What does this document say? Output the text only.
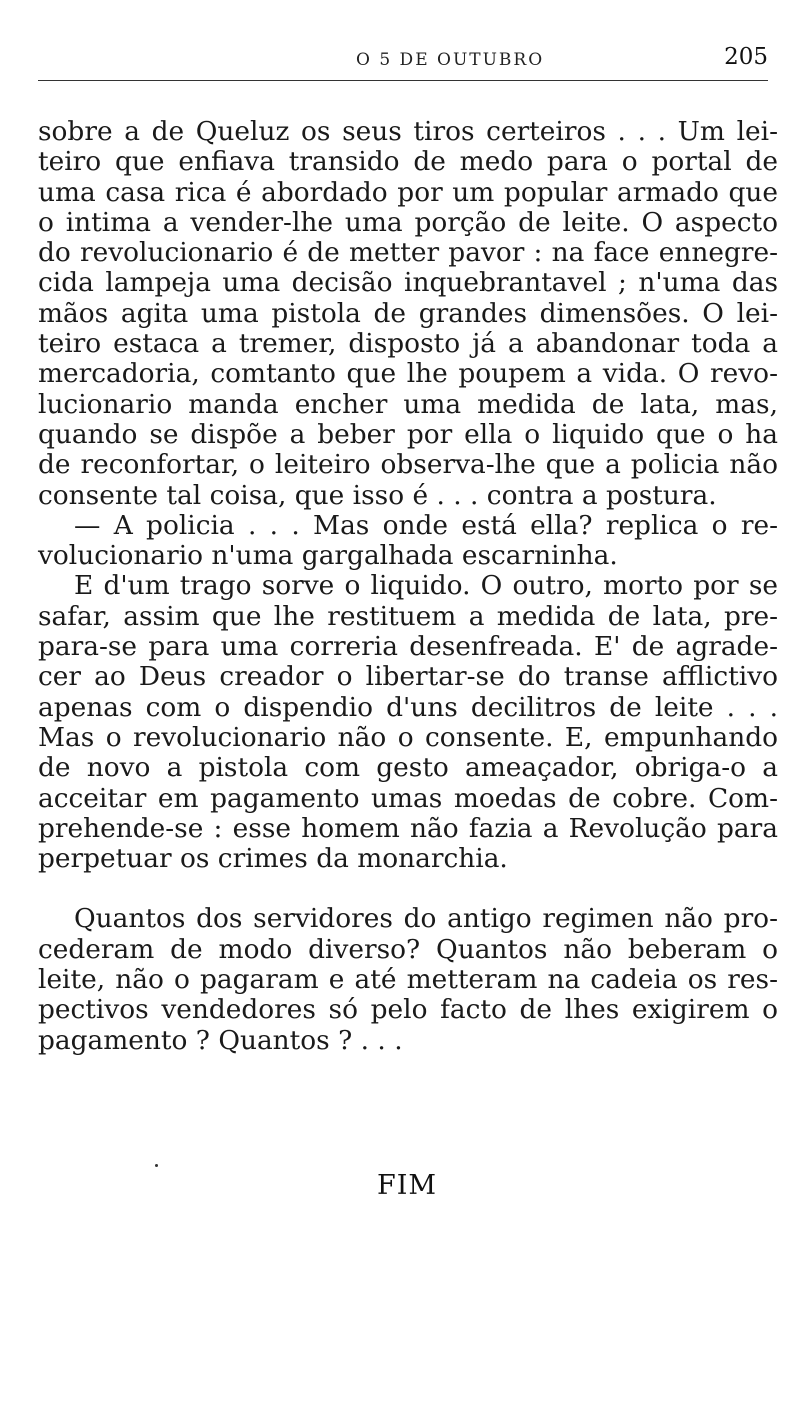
O 5 DE OUTUBRO	205
sobre a de Queluz os seus tiros certeiros . . . Um lei-
teiro que enfiava transido de medo para o portal de
uma casa rica é abordado por um popular armado que
o intima a vender-lhe uma porção de leite. O aspecto
do revolucionario é de metter pavor : na face ennegre-
cida lampeja uma decisão inquebrantavel ; n'uma das
mãos agita uma pistola de grandes dimensões. O lei-
teiro estaca a tremer, disposto já a abandonar toda a
mercadoria, comtanto que lhe poupem a vida. O revo-
lucionario manda encher uma medida de lata, mas,
quando se dispõe a beber por ella o liquido que o ha
de reconfortar, o leiteiro observa-lhe que a policia não
consente tal coisa, que isso é . . . contra a postura.
— A policia . . . Mas onde está ella? replica o re-
volucionario n'uma gargalhada escarninha.
E d'um trago sorve o liquido. O outro, morto por se
safar, assim que lhe restituem a medida de lata, pre-
para-se para uma correria desenfreada. E' de agrade-
cer ao Deus creador o libertar-se do transe afflictivo
apenas com o dispendio d'uns decilitros de leite . . .
Mas o revolucionario não o consente. E, empunhando
de novo a pistola com gesto ameaçador, obriga-o a
acceitar em pagamento umas moedas de cobre. Com-
prehende-se : esse homem não fazia a Revolução para
perpetuar os crimes da monarchia.
Quantos dos servidores do antigo regimen não pro-
cederam de modo diverso? Quantos não beberam o
leite, não o pagaram e até metteram na cadeia os res-
pectivos vendedores só pelo facto de lhes exigirem o
pagamento ? Quantos ? . . .
FIM
